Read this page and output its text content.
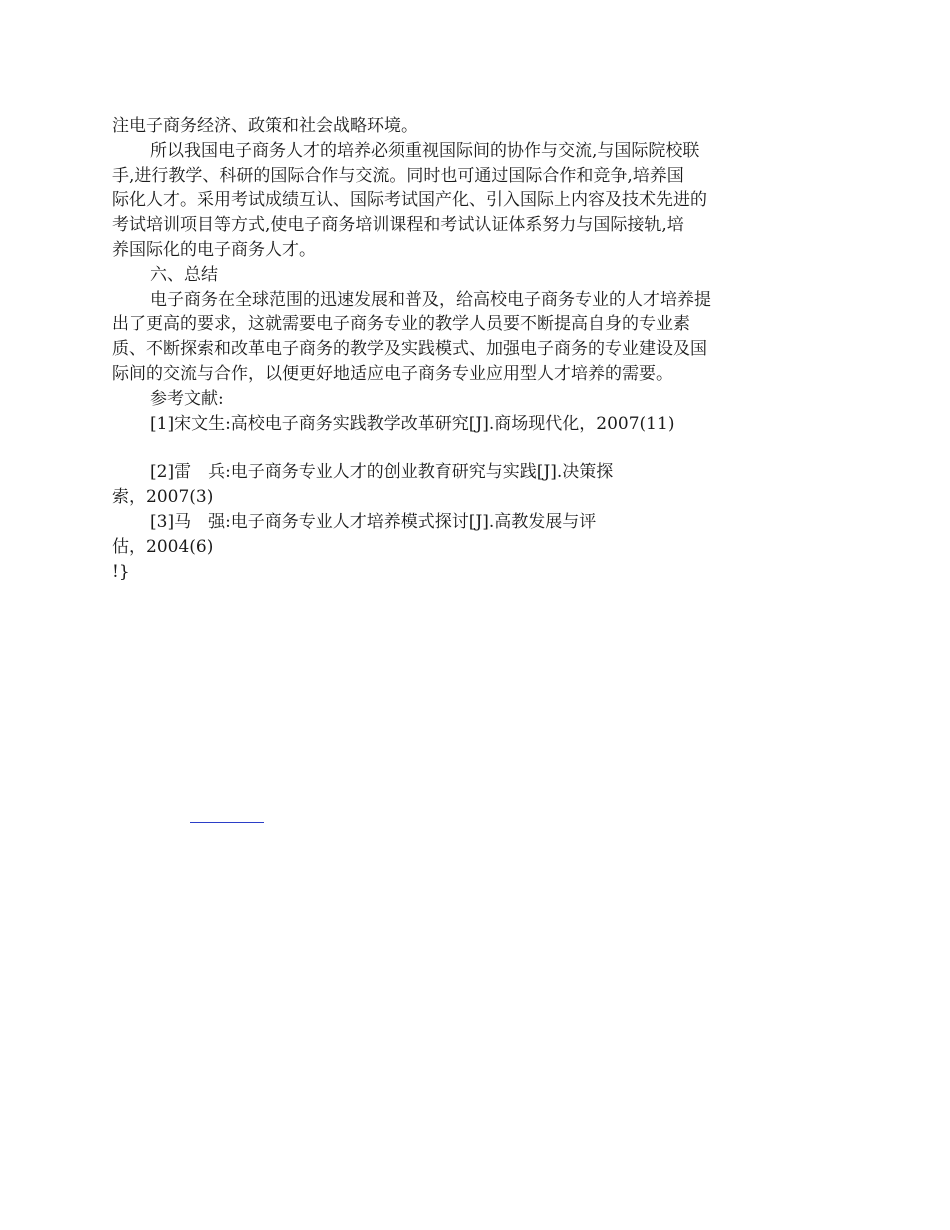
注电子商务经济、政策和社会战略环境。
所以我国电子商务人才的培养必须重视国际间的协作与交流,与国际院校联
手,进行教学、科研的国际合作与交流。同时也可通过国际合作和竞争,培养国
际化人才。采用考试成绩互认、国际考试国产化、引入国际上内容及技术先进的
考试培训项目等方式,使电子商务培训课程和考试认证体系努力与国际接轨,培
养国际化的电子商务人才。
六、总结
电子商务在全球范围的迅速发展和普及，给高校电子商务专业的人才培养提
出了更高的要求，这就需要电子商务专业的教学人员要不断提高自身的专业素
质、不断探索和改革电子商务的教学及实践模式、加强电子商务的专业建设及国
际间的交流与合作，以便更好地适应电子商务专业应用型人才培养的需要。
参考文献:
[1]宋文生:高校电子商务实践教学改革研究[J].商场现代化，2007(11)
[2]雷　兵:电子商务专业人才的创业教育研究与实践[J].决策探
索，2007(3)
[3]马　强:电子商务专业人才培养模式探讨[J].高教发展与评
估，2004(6)
!}
